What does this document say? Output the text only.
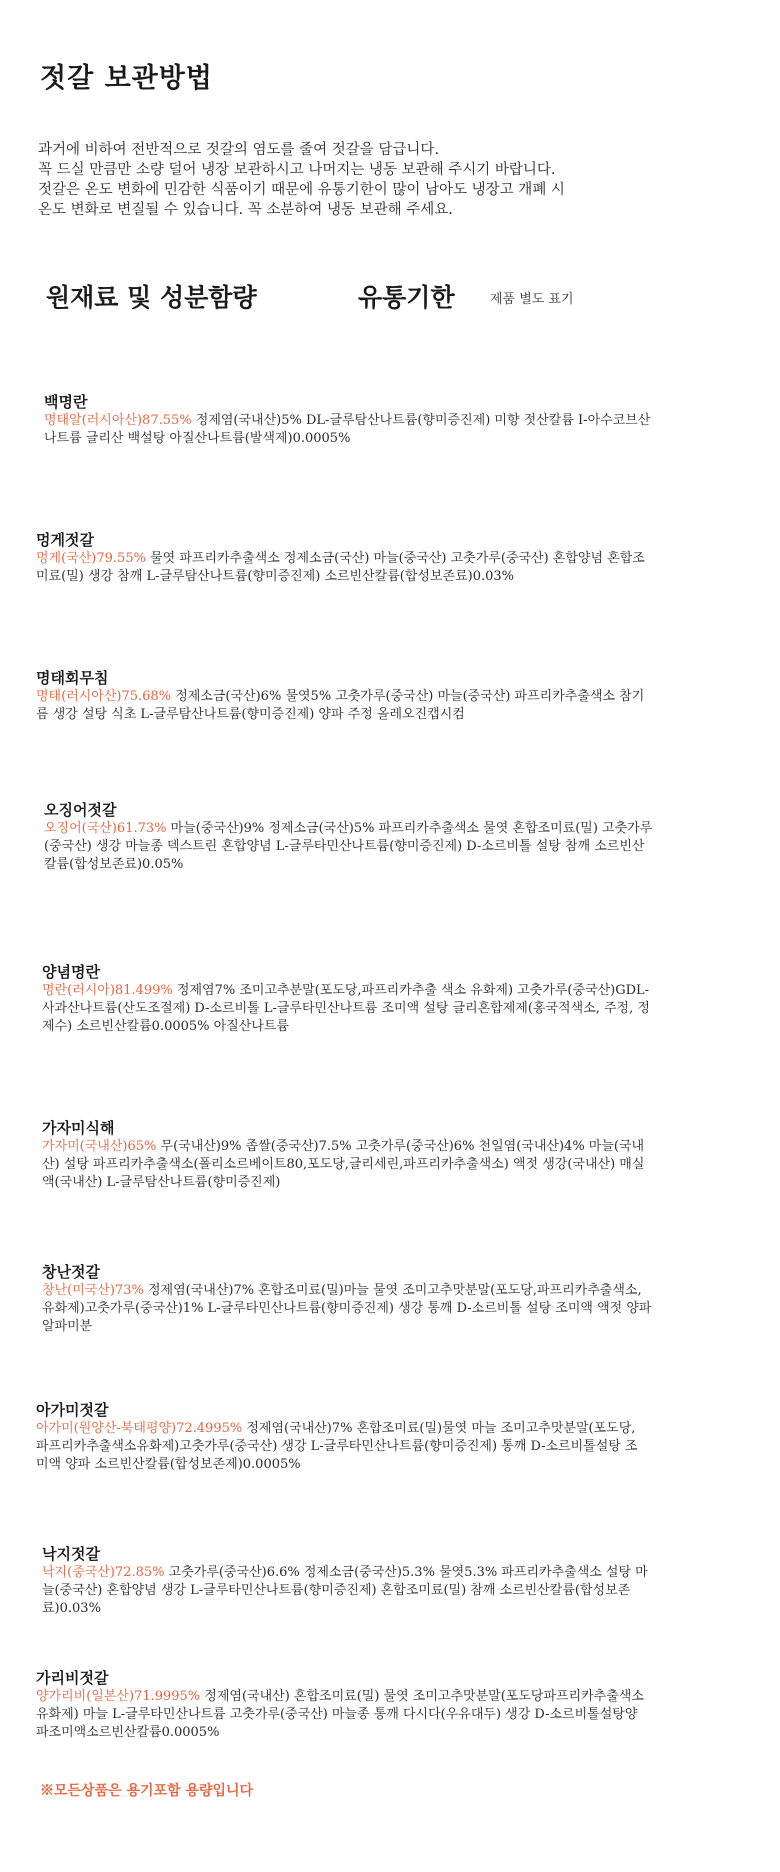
젓갈 보관방법

과거에 비하여 전반적으로 젓갈의 염도를 줄여 젓갈을 담급니다.

꼭 드실 만큼만 소량 덜어 냉장 보관하시고 나머지는 냉동 보관해 주시기 바랍니다.

젓갈은 온도 변화에 민감한 식품이기 때문에 유통기한이 많이 남아도 냉장고 개폐 시

온도 변화로 변질될 수 있습니다. 꼭 소분하여 냉동 보관해 주세요.

원재료 및 성분함량	유통기한	제품 별도 표기
백명란
명태알(러시아산)87.55% 정제염(국내산)5% DL-글루탐산나트륨(향미증진제) 미향 젓산칼륨 I-아수코브산나트륨 글리산 백설탕 아질산나트륨(발색제)0.0005%
멍게젓갈
멍게(국산)79.55% 물엿 파프리카추출색소 정제소금(국산) 마늘(중국산) 고춧가루(중국산) 혼합양념 혼합조미료(밀) 생강 참깨 L-글루탐산나트륨(향미증진제) 소르빈산칼륨(합성보존료)0.03%
명태회무침
명태(러시아산)75.68% 정제소금(국산)6% 물엿5% 고춧가루(중국산) 마늘(중국산) 파프리카추출색소 참기름 생강 설탕 식초 L-글루탐산나트륨(향미증진제) 양파 주정 올레오진캡시컴
오징어젓갈
오징어(국산)61.73% 마늘(중국산)9% 정제소금(국산)5% 파프리카추출색소 물엿 혼합조미료(밀) 고춧가루(중국산) 생강 마늘종 덱스트린 혼합양념 L-글루타민산나트륨(향미증진제) D-소르비톨 설탕 참깨 소르빈산칼륨(합성보존료)0.05%
양념명란
명란(러시아)81.499% 정제염7% 조미고추분말(포도당,파프리카추출 색소 유화제) 고춧가루(중국산)GDL-사과산나트륨(산도조절제) D-소르비톨 L-글루타민산나트륨 조미액 설탕 글리혼합제제(홍국적색소, 주정, 정제수) 소르빈산칼륨0.0005% 아질산나트륨
가자미식해
가자미(국내산)65% 무(국내산)9% 좁쌀(중국산)7.5% 고춧가루(중국산)6% 천일염(국내산)4% 마늘(국내산) 설탕 파프리카추출색소(폴리소르베이트80,포도당,글리세린,파프리카추출색소) 액젓 생강(국내산) 매실액(국내산) L-글루탐산나트륨(향미증진제)
창난젓갈
창난(미국산)73% 정제염(국내산)7% 혼합조미료(밀)마늘 물엿 조미고추맛분말(포도당,파프리카추출색소,유화제)고춧가루(중국산)1% L-글루타민산나트륨(향미증진제) 생강 통깨 D-소르비톨 설탕 조미액 액젓 양파 알파미분
아가미젓갈
아가미(원양산-북태평양)72.4995% 정제염(국내산)7% 혼합조미료(밀)물엿 마늘 조미고추맛분말(포도당,파프리카추출색소유화제)고춧가루(중국산) 생강 L-글루타민산나트륨(향미증진제) 통깨 D-소르비톨설탕 조미액 양파 소르빈산칼륨(합성보존제)0.0005%
낙지젓갈
낙지(중국산)72.85% 고춧가루(중국산)6.6% 정제소금(중국산)5.3% 물엿5.3% 파프리카추출색소 설탕 마늘(중국산) 혼합양념 생강 L-글루타민산나트륨(향미증진제) 혼합조미료(밀) 참깨 소르빈산칼륨(합성보존료)0.03%
가리비젓갈
양가리비(일본산)71.9995% 정제염(국내산) 혼합조미료(밀) 물엿 조미고추맛분말(포도당파프리카추출색소유화제) 마늘 L-글루타민산나트륨 고춧가루(중국산) 마늘종 통깨 다시다(우유대두) 생강 D-소르비톨설탕양파조미액소르빈산칼륨0.0005%
※모든상품은 용기포함 용량입니다
